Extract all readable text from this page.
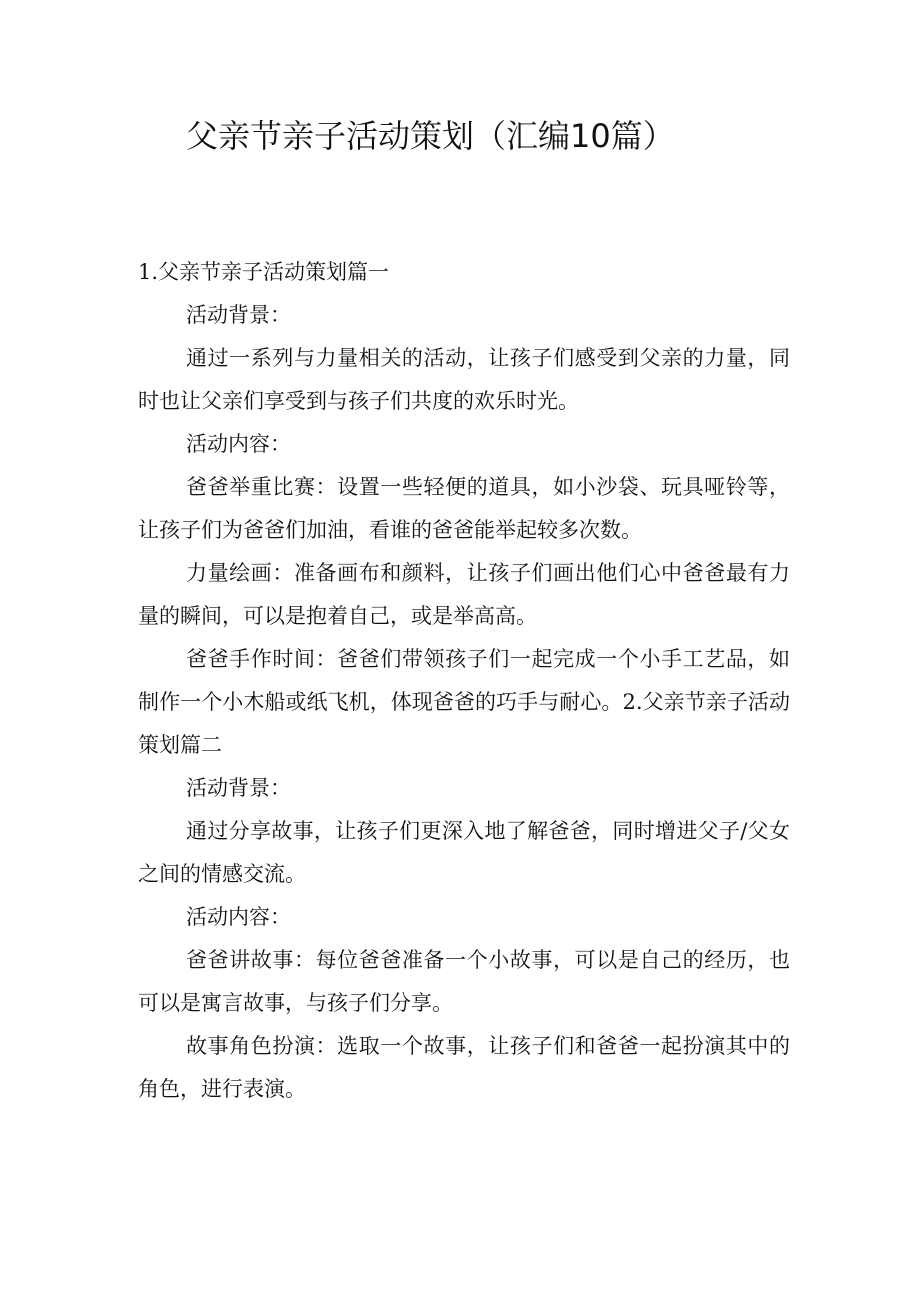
父亲节亲子活动策划（汇编10篇）

1.父亲节亲子活动策划篇一

活动背景：

通过一系列与力量相关的活动，让孩子们感受到父亲的力量，同时也让父亲们享受到与孩子们共度的欢乐时光。

活动内容：

爸爸举重比赛：设置一些轻便的道具，如小沙袋、玩具哑铃等，让孩子们为爸爸们加油，看谁的爸爸能举起较多次数。

力量绘画：准备画布和颜料，让孩子们画出他们心中爸爸最有力量的瞬间，可以是抱着自己，或是举高高。

爸爸手作时间：爸爸们带领孩子们一起完成一个小手工艺品，如制作一个小木船或纸飞机，体现爸爸的巧手与耐心。2.父亲节亲子活动策划篇二

活动背景：

通过分享故事，让孩子们更深入地了解爸爸，同时增进父子/父女之间的情感交流。

活动内容：

爸爸讲故事：每位爸爸准备一个小故事，可以是自己的经历，也可以是寓言故事，与孩子们分享。

故事角色扮演：选取一个故事，让孩子们和爸爸一起扮演其中的角色，进行表演。
